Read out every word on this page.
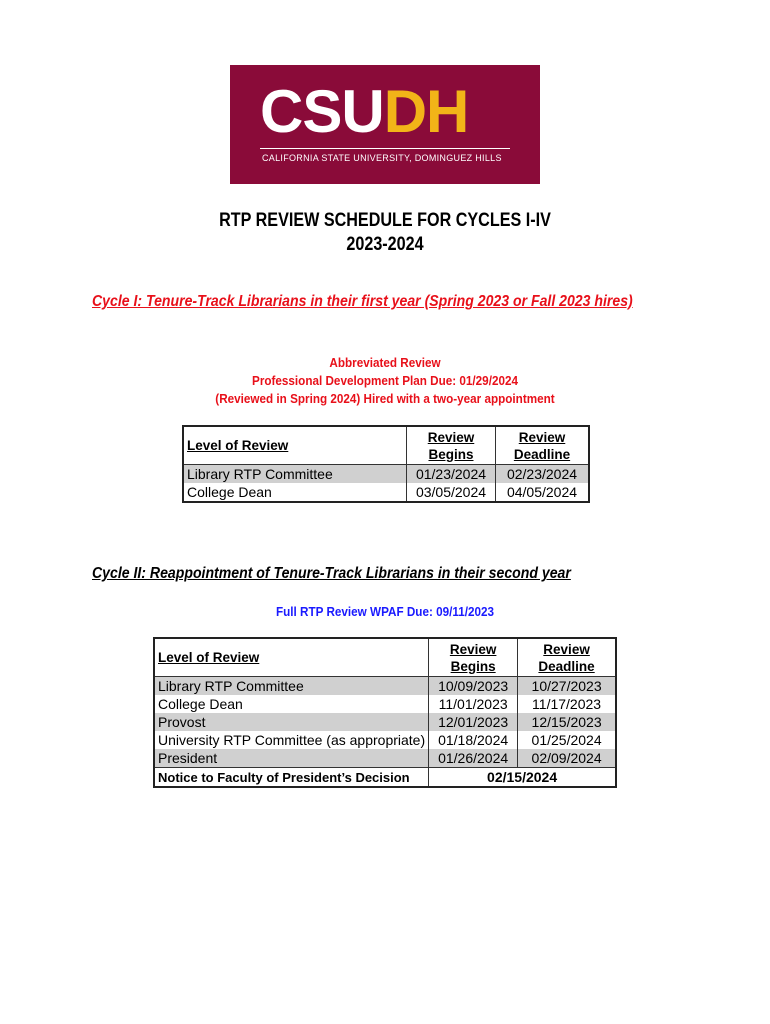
CSUDH
CALIFORNIA STATE UNIVERSITY, DOMINGUEZ HILLS
RTP REVIEW SCHEDULE FOR CYCLES I-IV
2023-2024
Cycle I: Tenure-Track Librarians in their first year (Spring 2023 or Fall 2023 hires)
Abbreviated Review
Professional Development Plan Due: 01/29/2024
(Reviewed in Spring 2024) Hired with a two-year appointment
Level of Review	Review Begins	Review Deadline
Library RTP Committee	01/23/2024	02/23/2024
College Dean	03/05/2024	04/05/2024
Cycle II: Reappointment of Tenure-Track Librarians in their second year
Full RTP Review WPAF Due: 09/11/2023
Level of Review	Review Begins	Review Deadline
Library RTP Committee	10/09/2023	10/27/2023
College Dean	11/01/2023	11/17/2023
Provost	12/01/2023	12/15/2023
University RTP Committee (as appropriate)	01/18/2024	01/25/2024
President	01/26/2024	02/09/2024
Notice to Faculty of President’s Decision	02/15/2024	
